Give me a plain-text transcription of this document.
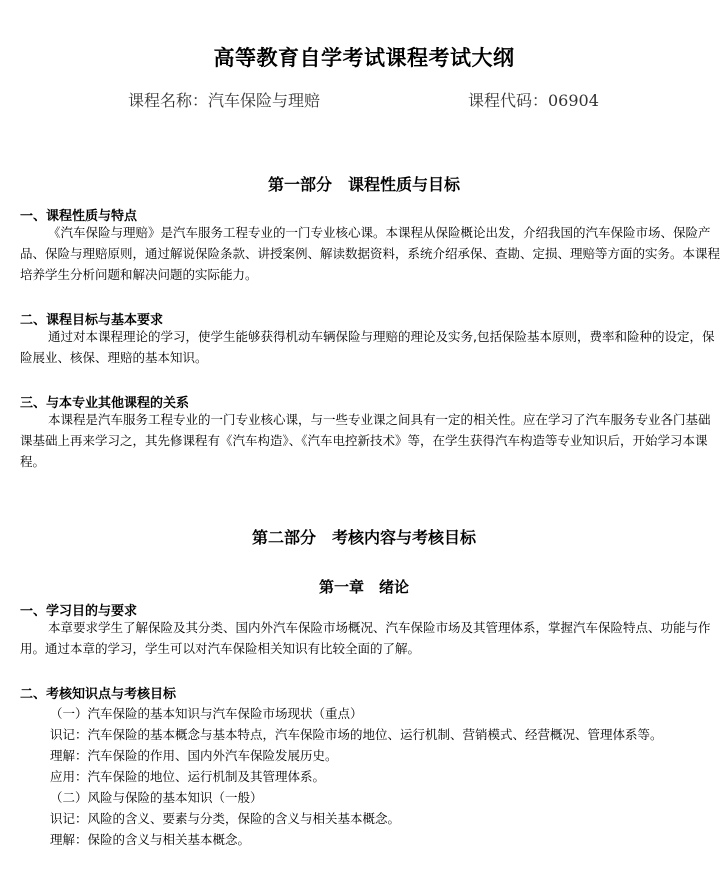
高等教育自学考试课程考试大纲
课程名称：汽车保险与理赔	课程代码：06904
第一部分　课程性质与目标
一、课程性质与特点
《汽车保险与理赔》是汽车服务工程专业的一门专业核心课。本课程从保险概论出发，介绍我国的汽车保险市场、保险产品、保险与理赔原则，通过解说保险条款、讲授案例、解读数据资料，系统介绍承保、查勘、定损、理赔等方面的实务。本课程培养学生分析问题和解决问题的实际能力。
二、课程目标与基本要求
通过对本课程理论的学习，使学生能够获得机动车辆保险与理赔的理论及实务,包括保险基本原则，费率和险种的设定，保险展业、核保、理赔的基本知识。
三、与本专业其他课程的关系
本课程是汽车服务工程专业的一门专业核心课，与一些专业课之间具有一定的相关性。应在学习了汽车服务专业各门基础课基础上再来学习之，其先修课程有《汽车构造》、《汽车电控新技术》等，在学生获得汽车构造等专业知识后，开始学习本课程。
第二部分　考核内容与考核目标
第一章　绪论
一、学习目的与要求
本章要求学生了解保险及其分类、国内外汽车保险市场概况、汽车保险市场及其管理体系，掌握汽车保险特点、功能与作用。通过本章的学习，学生可以对汽车保险相关知识有比较全面的了解。
二、考核知识点与考核目标
（一）汽车保险的基本知识与汽车保险市场现状（重点）
识记：汽车保险的基本概念与基本特点，汽车保险市场的地位、运行机制、营销模式、经营概况、管理体系等。
理解：汽车保险的作用、国内外汽车保险发展历史。
应用：汽车保险的地位、运行机制及其管理体系。
（二）风险与保险的基本知识（一般）
识记：风险的含义、要素与分类，保险的含义与相关基本概念。
理解：保险的含义与相关基本概念。
